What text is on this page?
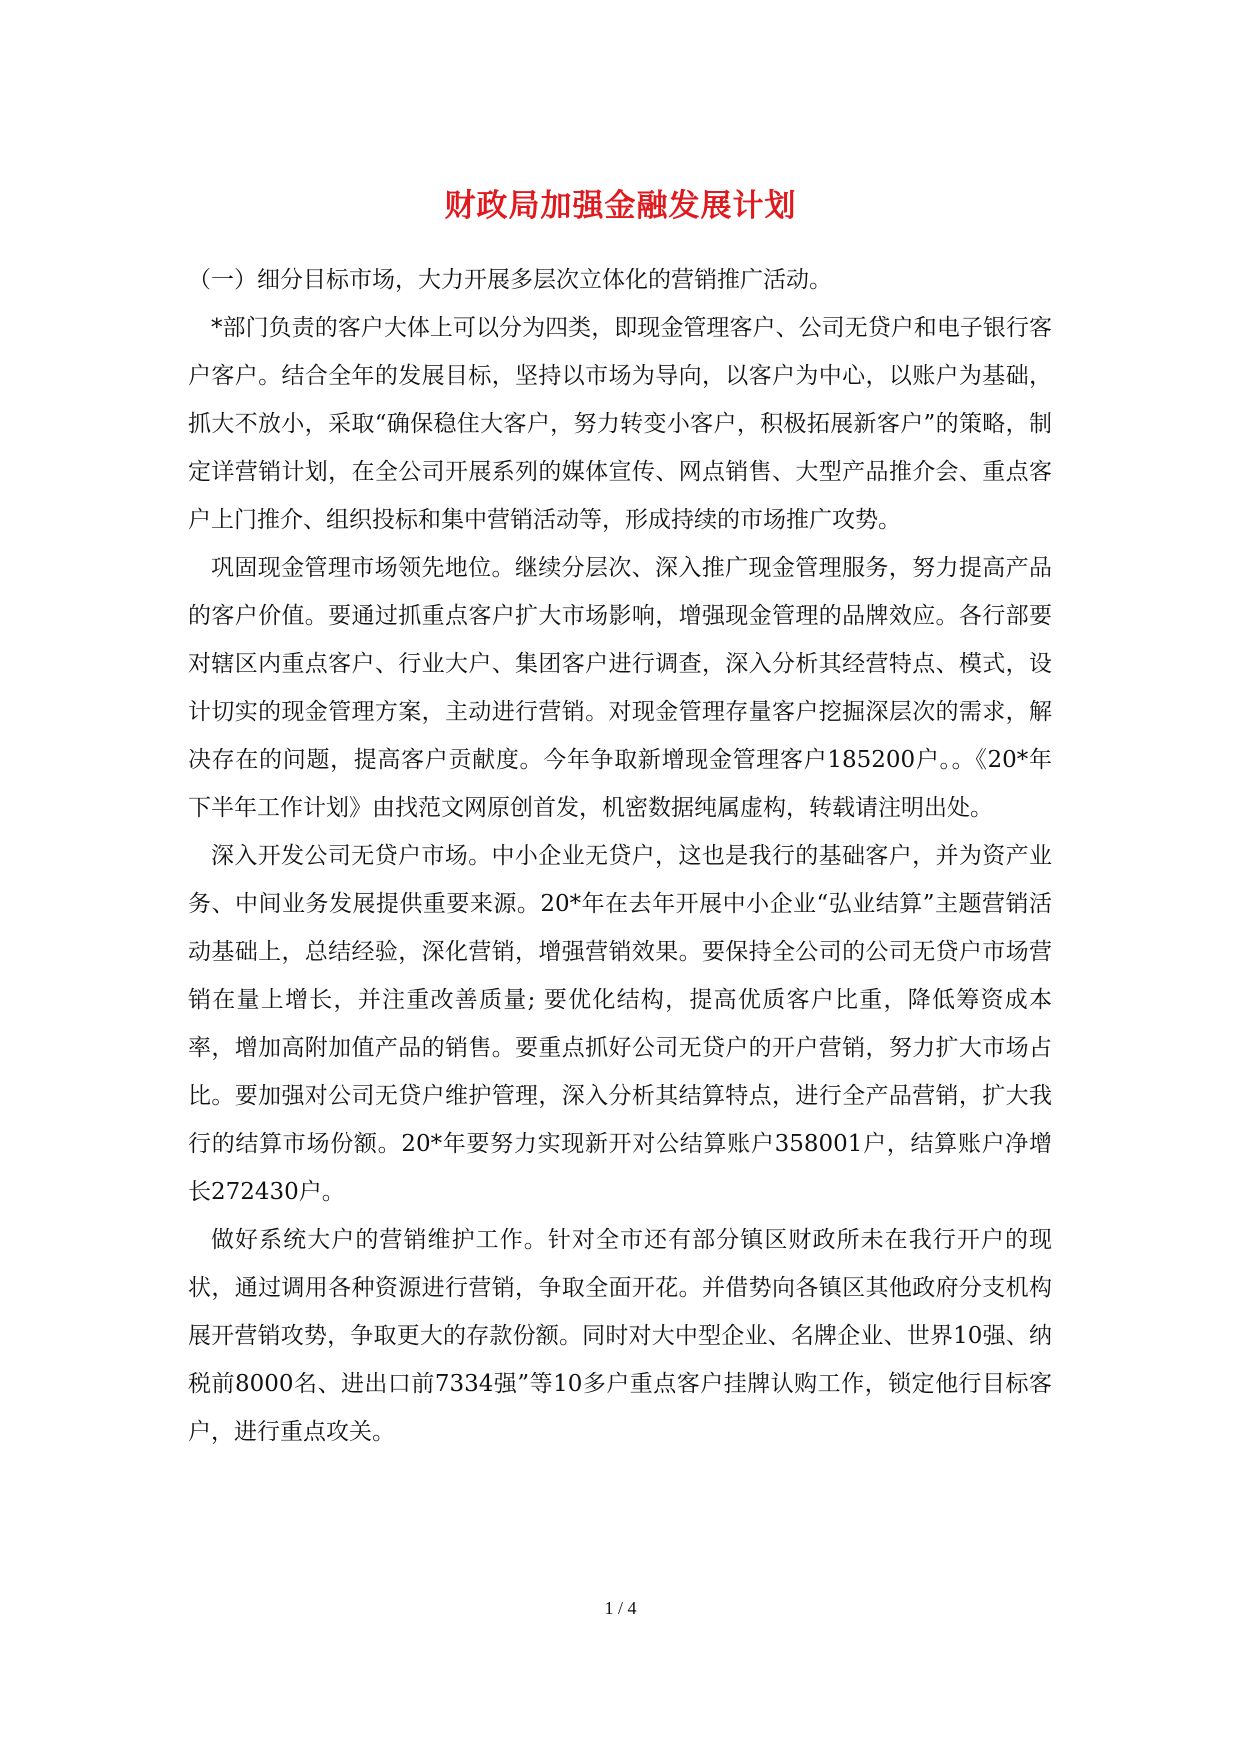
财政局加强金融发展计划

（一）细分目标市场，大力开展多层次立体化的营销推广活动。

*部门负责的客户大体上可以分为四类，即现金管理客户、公司无贷户和电子银行客户客户。结合全年的发展目标，坚持以市场为导向，以客户为中心，以账户为基础，抓大不放小，采取“确保稳住大客户，努力转变小客户，积极拓展新客户”的策略，制定详营销计划，在全公司开展系列的媒体宣传、网点销售、大型产品推介会、重点客户上门推介、组织投标和集中营销活动等，形成持续的市场推广攻势。

巩固现金管理市场领先地位。继续分层次、深入推广现金管理服务，努力提高产品的客户价值。要通过抓重点客户扩大市场影响，增强现金管理的品牌效应。各行部要对辖区内重点客户、行业大户、集团客户进行调查，深入分析其经营特点、模式，设计切实的现金管理方案，主动进行营销。对现金管理存量客户挖掘深层次的需求，解决存在的问题，提高客户贡献度。今年争取新增现金管理客户185200户。。《20*年下半年工作计划》由找范文网原创首发，机密数据纯属虚构，转载请注明出处。

深入开发公司无贷户市场。中小企业无贷户，这也是我行的基础客户，并为资产业务、中间业务发展提供重要来源。20*年在去年开展中小企业“弘业结算”主题营销活动基础上，总结经验，深化营销，增强营销效果。要保持全公司的公司无贷户市场营销在量上增长，并注重改善质量; 要优化结构，提高优质客户比重，降低筹资成本率，增加高附加值产品的销售。要重点抓好公司无贷户的开户营销，努力扩大市场占比。要加强对公司无贷户维护管理，深入分析其结算特点，进行全产品营销，扩大我行的结算市场份额。20*年要努力实现新开对公结算账户358001户，结算账户净增长272430户。

做好系统大户的营销维护工作。针对全市还有部分镇区财政所未在我行开户的现状，通过调用各种资源进行营销，争取全面开花。并借势向各镇区其他政府分支机构展开营销攻势，争取更大的存款份额。同时对大中型企业、名牌企业、世界10强、纳税前8000名、进出口前7334强”等10多户重点客户挂牌认购工作，锁定他行目标客户，进行重点攻关。

1 / 4
